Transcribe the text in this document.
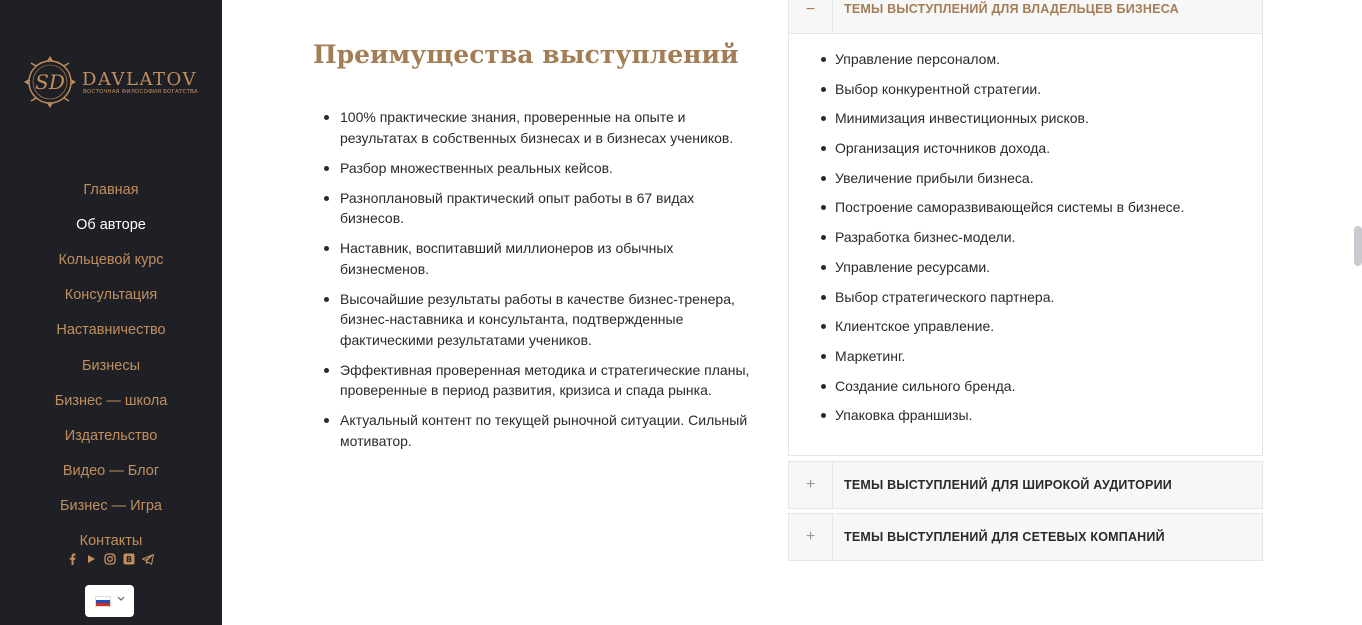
SD DAVLATOV
ВОСТОЧНАЯ ФИЛОСОФИЯ БОГАТСТВА
Главная
Об авторе
Кольцевой курс
Консультация
Наставничество
Бизнесы
Бизнес — школа
Издательство
Видео — Блог
Бизнес — Игра
Контакты
B
Преимущества выступлений
100% практические знания, проверенные на опыте и результатах в собственных бизнесах и в бизнесах учеников.
Разбор множественных реальных кейсов.
Разноплановый практический опыт работы в 67 видах бизнесов.
Наставник, воспитавший миллионеров из обычных бизнесменов.
Высочайшие результаты работы в качестве бизнес-тренера, бизнес-наставника и консультанта, подтвержденные фактическими результатами учеников.
Эффективная проверенная методика и стратегические планы, проверенные в период развития, кризиса и спада рынка.
Актуальный контент по текущей рыночной ситуации. Сильный мотиватор.
−	ТЕМЫ ВЫСТУПЛЕНИЙ ДЛЯ ВЛАДЕЛЬЦЕВ БИЗНЕСА
Управление персоналом.
Выбор конкурентной стратегии.
Минимизация инвестиционных рисков.
Организация источников дохода.
Увеличение прибыли бизнеса.
Построение саморазвивающейся системы в бизнесе.
Разработка бизнес-модели.
Управление ресурсами.
Выбор стратегического партнера.
Клиентское управление.
Маркетинг.
Создание сильного бренда.
Упаковка франшизы.
+	ТЕМЫ ВЫСТУПЛЕНИЙ ДЛЯ ШИРОКОЙ АУДИТОРИИ
+	ТЕМЫ ВЫСТУПЛЕНИЙ ДЛЯ СЕТЕВЫХ КОМПАНИЙ
